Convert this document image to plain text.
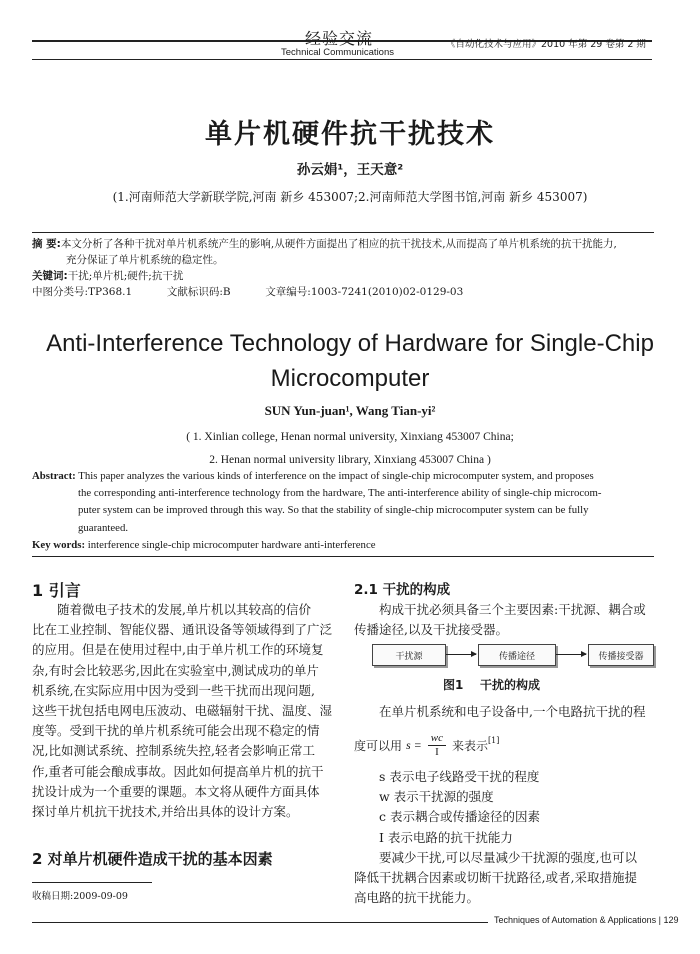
经验交流
Technical Communications
《自动化技术与应用》2010 年第 29 卷第 2 期
单片机硬件抗干扰技术
孙云娟¹，王天意²
(1.河南师范大学新联学院,河南 新乡 453007;2.河南师范大学图书馆,河南 新乡 453007)
摘 要:本文分析了各种干扰对单片机系统产生的影响,从硬件方面提出了相应的抗干扰技术,从而提高了单片机系统的抗干扰能力,
充分保证了单片机系统的稳定性。
关键词:干扰;单片机;硬件;抗干扰
中图分类号:TP368.1	文献标识码:B	文章编号:1003-7241(2010)02-0129-03
Anti-Interference Technology of Hardware for Single-Chip
Microcomputer
SUN Yun-juan¹, Wang Tian-yi²
( 1. Xinlian college, Henan normal university, Xinxiang 453007 China;
2. Henan normal university library, Xinxiang 453007 China )
Abstract: This paper analyzes the various kinds of interference on the impact of single-chip microcomputer system, and proposes
the corresponding anti-interference technology from the hardware, The anti-interference ability of single-chip microcom-
puter system can be improved through this way. So that the stability of single-chip microcomputer system can be fully
guaranteed.
Key words: interference single-chip microcomputer hardware anti-interference
1 引言
随着微电子技术的发展,单片机以其较高的信价
比在工业控制、智能仪器、通讯设备等领域得到了广泛
的应用。但是在使用过程中,由于单片机工作的环境复
杂,有时会比较恶劣,因此在实验室中,测试成功的单片
机系统,在实际应用中因为受到一些干扰而出现问题,
这些干扰包括电网电压波动、电磁辐射干扰、温度、湿
度等。受到干扰的单片机系统可能会出现不稳定的情
况,比如测试系统、控制系统失控,轻者会影响正常工
作,重者可能会酿成事故。因此如何提高单片机的抗干
扰设计成为一个重要的课题。本文将从硬件方面具体
探讨单片机抗干扰技术,并给出具体的设计方案。
2 对单片机硬件造成干扰的基本因素
收稿日期:2009-09-09
2.1 干扰的构成
构成干扰必须具备三个主要因素:干扰源、耦合或
传播途径,以及干扰接受器。
干扰源	传播途径	传播接受器
图1    干扰的构成
在单片机系统和电子设备中,一个电路抗干扰的程
度可以用 $s = \frac{wc}{I}$ 来表示 [1]
s 表示电子线路受干扰的程度
w 表示干扰源的强度
c 表示耦合或传播途径的因素
I 表示电路的抗干扰能力
要减少干扰,可以尽量减少干扰源的强度,也可以
降低干扰耦合因素或切断干扰路径,或者,采取措施提
高电路的抗干扰能力。
Techniques of Automation & Applications | 129
